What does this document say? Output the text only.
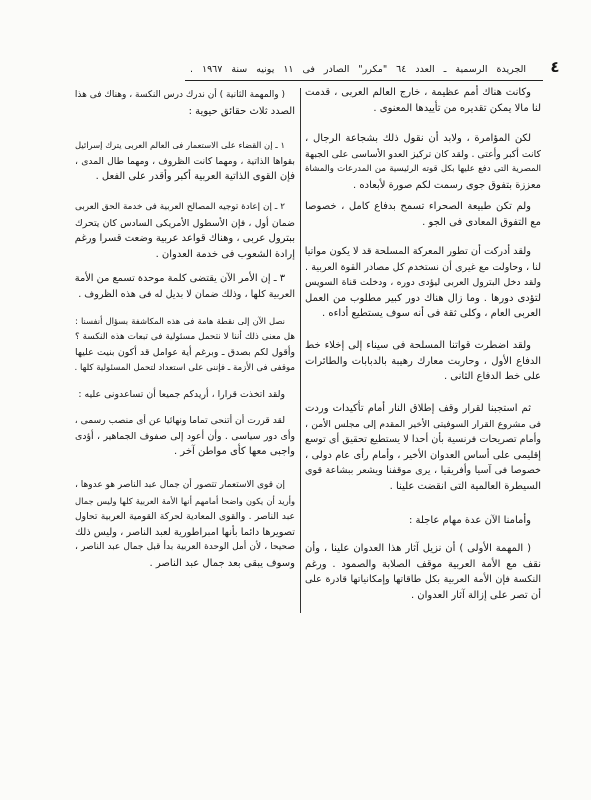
٤
الجريدة الرسمية ـ العدد ٦٤ "مكرر" الصادر فى ١١ يونيه سنة ١٩٦٧ .
وكانت هناك أمم عظيمة ، خارج العالم العربى ، قدمت
لنا مالا يمكن تقديره من تأييدها المعنوى .
لكن المؤامرة ، ولابد أن نقول ذلك بشجاعة الرجال ،
كانت أكبر وأعتى . ولقد كان تركيز العدو الأساسى على الجبهة
المصرية التى دفع عليها بكل قوته الرئيسية من المدرعات والمشاة
معززة بتفوق جوى رسمت لكم صورة لأبعاده .
ولم تكن طبيعة الصحراء تسمح بدفاع كامل ، خصوصا
مع التفوق المعادى فى الجو .
ولقد أدركت أن تطور المعركة المسلحة قد لا يكون مواتيا
لنا ، وحاولت مع غيرى أن نستخدم كل مصادر القوة العربية .
ولقد دخل البترول العربى ليؤدى دوره ، ودخلت قناة السويس
لتؤدى دورها . وما زال هناك دور كبير مطلوب من العمل
العربى العام ، وكلى ثقة فى أنه سوف يستطيع أداءه .
ولقد اضطرت قواتنا المسلحة فى سيناء إلى إخلاء خط
الدفاع الأول ، وحاربت معارك رهيبة بالدبابات والطائرات
على خط الدفاع الثانى .
ثم استجبنا لقرار وقف إطلاق النار أمام تأكيدات وردت
فى مشروع القرار السوفيتى الأخير المقدم إلى مجلس الأمن ،
وأمام تصريحات فرنسية بأن أحدا لا يستطيع تحقيق أى توسع
إقليمى على أساس العدوان الأخير ، وأمام رأى عام دولى ،
خصوصا فى آسيا وأفريقيا ، يرى موقفنا ويشعر ببشاعة قوى
السيطرة العالمية التى انقضت علينا .
وأمامنا الآن عدة مهام عاجلة :
( المهمة الأولى ) أن نزيل آثار هذا العدوان علينا ، وأن
نقف مع الأمة العربية موقف الصلابة والصمود . ورغم
النكسة فإن الأمة العربية بكل طاقاتها وإمكانياتها قادرة على
أن تصر على إزالة آثار العدوان .
( والمهمة الثانية ) أن ندرك درس النكسة ، وهناك فى هذا
الصدد ثلاث حقائق حيوية :
١ ـ إن القضاء على الاستعمار فى العالم العربى يترك إسرائيل
بقواها الذاتية ، ومهما كانت الظروف ، ومهما طال المدى ،
فإن القوى الذاتية العربية أكبر وأقدر على الفعل .
٢ ـ إن إعادة توجيه المصالح العربية فى خدمة الحق العربى
ضمان أول ، فإن الأسطول الأمريكى السادس كان يتحرك
ببترول عربى ، وهناك قواعد عربية وضعت قسرا ورغم
إرادة الشعوب فى خدمة العدوان .
٣ ـ إن الأمر الآن يقتضى كلمة موحدة تسمع من الأمة
العربية كلها ، وذلك ضمان لا بديل له فى هذه الظروف .
نصل الآن إلى نقطة هامة فى هذه المكاشفة بسؤال أنفسنا :
هل معنى ذلك أننا لا نتحمل مسئولية فى تبعات هذه النكسة ؟
وأقول لكم بصدق ـ وبرغم أية عوامل قد أكون بنيت عليها
موقفى فى الأزمة ـ فإننى على استعداد لتحمل المسئولية كلها .
ولقد اتخذت قرارا ، أريدكم جميعا أن تساعدونى عليه :
لقد قررت أن أتنحى تماما ونهائيا عن أى منصب رسمى ،
وأى دور سياسى . وأن أعود إلى صفوف الجماهير ، أؤدى
واجبى معها كأى مواطن آخر .
إن قوى الاستعمار تتصور أن جمال عبد الناصر هو عدوها ،
وأريد أن يكون واضحا أمامهم أنها الأمة العربية كلها وليس جمال
عبد الناصر . والقوى المعادية لحركة القومية العربية تحاول
تصويرها دائما بأنها امبراطورية لعبد الناصر ، وليس ذلك
صحيحا ، لأن أمل الوحدة العربية بدأ قبل جمال عبد الناصر ،
وسوف يبقى بعد جمال عبد الناصر .
